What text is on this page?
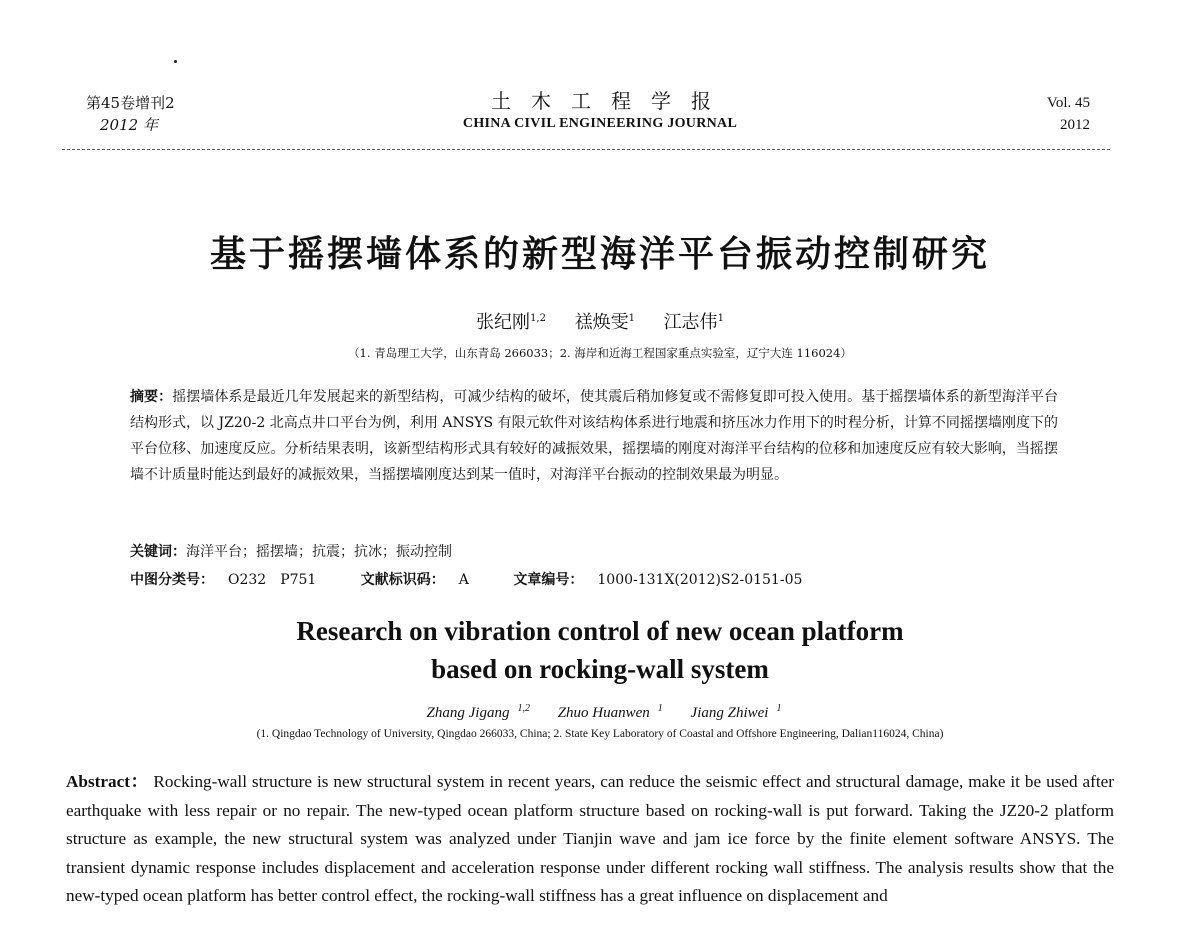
第45卷增刊2
2012 年
土木工程学报
CHINA CIVIL ENGINEERING JOURNAL
Vol. 45
2012
基于摇摆墙体系的新型海洋平台振动控制研究
张纪刚$^{1,2}$ 禚焕雯$^1$ 江志伟$^1$
（1. 青岛理工大学，山东青岛 266033；2. 海岸和近海工程国家重点实验室，辽宁大连 116024）
摘要：摇摆墙体系是最近几年发展起来的新型结构，可减少结构的破坏，使其震后稍加修复或不需修复即可投入使用。基于摇摆墙体系的新型海洋平台结构形式，以 JZ20-2 北高点井口平台为例，利用 ANSYS 有限元软件对该结构体系进行地震和挤压冰力作用下的时程分析，计算不同摇摆墙刚度下的平台位移、加速度反应。分析结果表明，该新型结构形式具有较好的减振效果，摇摆墙的刚度对海洋平台结构的位移和加速度反应有较大影响，当摇摆墙不计质量时能达到最好的减振效果，当摇摆墙刚度达到某一值时，对海洋平台振动的控制效果最为明显。
关键词：海洋平台；摇摆墙；抗震；抗冰；振动控制
中图分类号： O232　P751	文献标识码： A	文章编号： 1000-131X(2012)S2-0151-05
Research on vibration control of new ocean platform
based on rocking-wall system
Zhang Jigang $^{1,2}$ Zhuo Huanwen $^1$ Jiang Zhiwei $^1$
(1. Qingdao Technology of University, Qingdao 266033, China; 2. State Key Laboratory of Coastal and Offshore Engineering, Dalian116024, China)
Abstract： Rocking-wall structure is new structural system in recent years, can reduce the seismic effect and structural damage, make it be used after earthquake with less repair or no repair. The new-typed ocean platform structure based on rocking-wall is put forward. Taking the JZ20-2 platform structure as example, the new structural system was analyzed under Tianjin wave and jam ice force by the finite element software ANSYS. The transient dynamic response includes displacement and acceleration response under different rocking wall stiffness. The analysis results show that the new-typed ocean platform has better control effect, the rocking-wall stiffness has a great influence on displacement and
